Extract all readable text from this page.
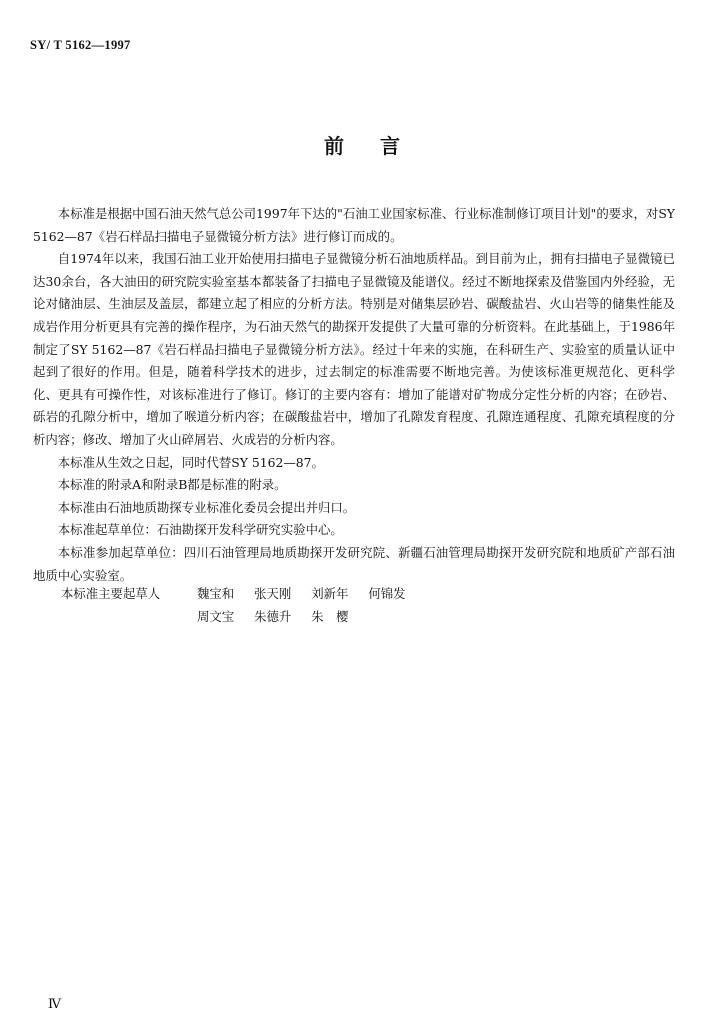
SY/ T 5162—1997
前言

本标准是根据中国石油天然气总公司1997年下达的"石油工业国家标准、行业标准制修订项目计划"的要求，对SY 5162—87《岩石样品扫描电子显微镜分析方法》进行修订而成的。

自1974年以来，我国石油工业开始使用扫描电子显微镜分析石油地质样品。到目前为止，拥有扫描电子显微镜已达30余台，各大油田的研究院实验室基本都装备了扫描电子显微镜及能谱仪。经过不断地探索及借鉴国内外经验，无论对储油层、生油层及盖层，都建立起了相应的分析方法。特别是对储集层砂岩、碳酸盐岩、火山岩等的储集性能及成岩作用分析更具有完善的操作程序，为石油天然气的勘探开发提供了大量可靠的分析资料。在此基础上，于1986年制定了SY 5162—87《岩石样品扫描电子显微镜分析方法》。经过十年来的实施，在科研生产、实验室的质量认证中起到了很好的作用。但是，随着科学技术的进步，过去制定的标准需要不断地完善。为使该标准更规范化、更科学化、更具有可操作性，对该标准进行了修订。修订的主要内容有：增加了能谱对矿物成分定性分析的内容；在砂岩、砾岩的孔隙分析中，增加了喉道分析内容；在碳酸盐岩中，增加了孔隙发育程度、孔隙连通程度、孔隙充填程度的分析内容；修改、增加了火山碎屑岩、火成岩的分析内容。

本标准从生效之日起，同时代替SY 5162—87。

本标准的附录A和附录B都是标准的附录。

本标准由石油地质勘探专业标准化委员会提出并归口。

本标准起草单位：石油勘探开发科学研究实验中心。

本标准参加起草单位：四川石油管理局地质勘探开发研究院、新疆石油管理局勘探开发研究院和地质矿产部石油地质中心实验室。

本标准主要起草人	魏宝和 张天刚 刘新年 何锦发
周文宝 朱德升 朱　樱
Ⅳ
